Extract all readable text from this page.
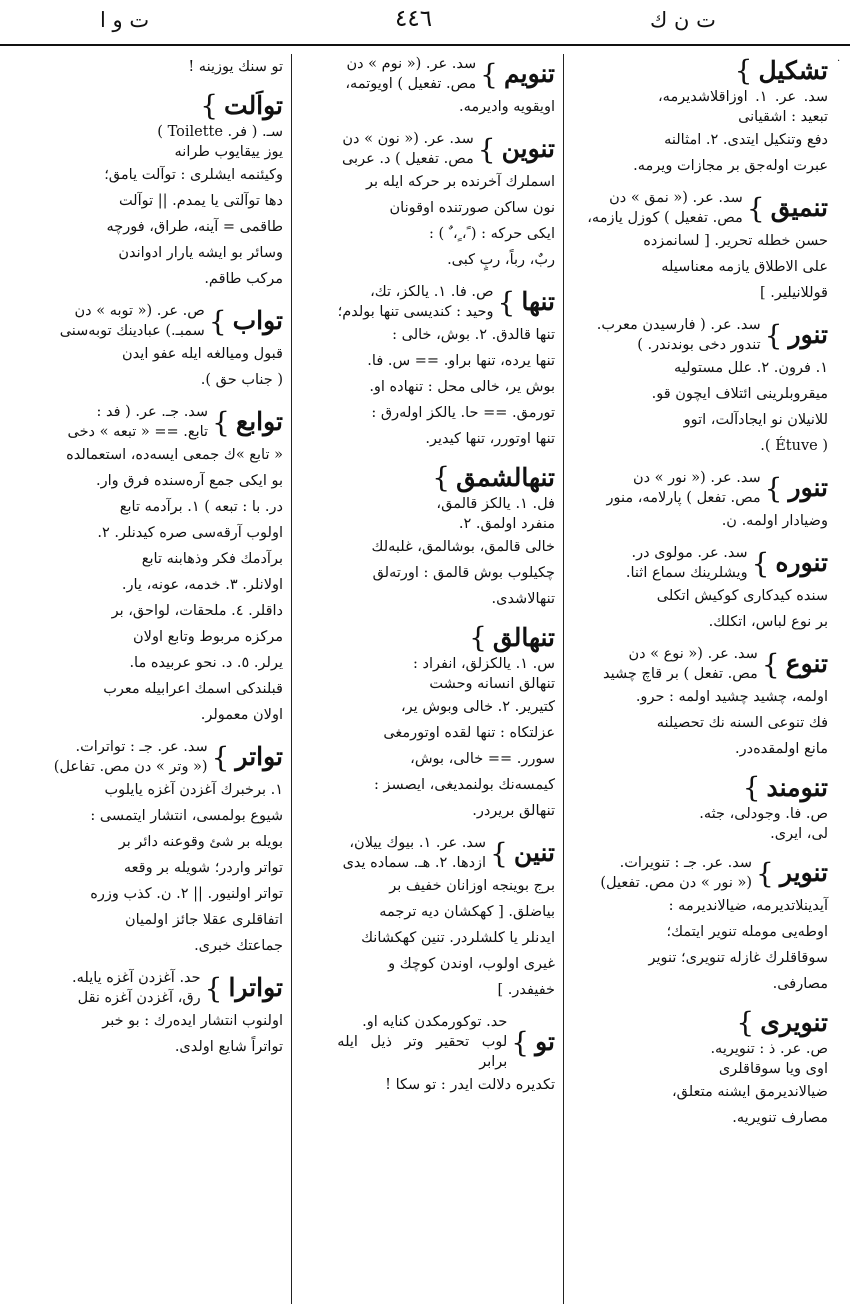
ت و ا	٤٤٦	ت ن ك
·
تشكيل}
سد. عر. ١. اوزاقلاشديرمه، تبعيد : اشقيانى
دفع وتنكيل ايتدى. ٢. امثالنه
عبرت اوله‌جق بر مجازات ويرمه.
تنميق}
سد. عر. (« نمق » دن
مص. تفعيل ) كوزل يازمه،
حسن خطله تحرير. [ لسانمزده
على الاطلاق يازمه معناسيله
قوللانيلير. ]
تنور}
سد. عر. ( فارسيدن معرب.
تندور دخى بوندندر. )
١. فرون. ٢. علل مستوليه
ميقروبلرينى ائتلاف ايچون قو.
للانيلان نو ايجادآلت، اتوو
( Étuve ).
تنور}
سد. عر. (« نور » دن
مص. تفعل ) پارلامه، منور
وضيادار اولمه. ن.
تنوره}
سد. عر. مولوى در.
ويشلرينك سماع اثنا.
سنده كيدكارى كوكيش اتكلى
بر نوع لباس، اتكلك.
تنوع}
سد. عر. (« نوع » دن
مص. تفعل ) بر قاچ چشيد
اولمه، چشيد چشيد اولمه : حرو.
فك تنوعى السنه نك تحصيلنه
مانع اولمقده‌در.
تنومند}
ص. فا. وجودلى، جثه.
لى، ايرى.
تنوير}
سد. عر. جـ : تنويرات.
(« نور » دن مص. تفعيل)
آيدينلاتديرمه، ضيالانديرمه :
اوطه‌يى مومله تنوير ايتمك؛
سوقاقلرك غازله تنويرى؛ تنوير
مصارفى.
تنويرى}
ص. عر. ذ : تنويريه.
اوى ويا سوقاقلرى
ضيالانديرمق ايشنه متعلق،
مصارف تنويريه.
تنويم}
سد. عر. (« نوم » دن
مص. تفعيل ) اويوتمه،
اويقويه واديرمه.
تنوين}
سد. عر. (« نون » دن
مص. تفعيل ) د. عربى
اسملرك آخرنده بر حركه ايله بر
نون ساكن صورتنده اوقونان
ايكى حركه : ( ً، ٍ، ٌ ) :
ربٌ، رباً، ربٍ كبى.
تنها}
ص. فا. ١. يالكز، تك،
وحيد : كنديسى تنها بولدم؛
تنها قالدق. ٢. بوش، خالى :
تنها يرده، تنها براو. == س. فا.
بوش ير، خالى محل : تنهاده او.
تورمق. == حا. يالكز اوله‌رق :
تنها اوتورر، تنها كيدير.
تنهالشمق}
فل. ١. يالكز قالمق،
منفرد اولمق. ٢.
خالى قالمق، بوشالمق، غلبه‌لك
چكيلوب بوش قالمق : اورته‌لق
تنهالاشدى.
تنهالق}
س. ١. يالكزلق، انفراد :
تنهالق انسانه وحشت
كتيرير. ٢. خالى وبوش ير،
عزلتكاه : تنها لقده اوتورمغى
سورر. == خالى، بوش،
كيمسه‌نك بولنمديغى، ايصسز :
تنهالق بريردر.
تنين}
سد. عر. ١. بيوك ييلان،
ازدها. ٢. هـ. سماده يدى
برج بوينجه اوزانان خفيف بر
بياضلق. [ كهكشان ديه ترجمه
ايدنلر يا كلشلردر. تنين كهكشانك
غيرى اولوب، اوندن كوچك و
خفيفدر. ]
تو}
حد. توكورمكدن كنايه او.
لوب تحقير وتر ذيل ايله برابر
تكديره دلالت ايدر : تو سكا !
تو سنك يوزينه !
تواَلت}
سـ. ( فر. Toilette )
يوز ييقايوب طرانه
وكيئنمه ايشلرى : توآلت يامق؛
دها توآلتى يا يمدم. || توآلت
طاقمى = آينه، طراق، فورچه
وسائر بو ايشه يارار ادواندن
مركب طاقم.
تواب}
ص. عر. (« توبه » دن
سمبـ.) عبادينك توبه‌سنى
قبول وميالغه ايله عفو ايدن
( جناب حق ).
توابع}
سد. جـ. عر. ( فد :
تابع. == « تبعه » دخى
« تابع »‌ك جمعى ايسه‌ده، استعمالده
بو ايكى جمع آره‌سنده فرق وار.
در. با : تبعه ) ١. برآدمه تابع
اولوب آرقه‌سى صره كيدنلر. ٢.
برآدمك فكر وذهابنه تابع
اولانلر. ٣. خدمه، عونه، يار.
داقلر. ٤. ملحقات، لواحق، بر
مركزه مربوط وتابع اولان
يرلر. ٥. د. نحو عربيده ما.
قبلندكى اسمك اعرابيله معرب
اولان معمولر.
تواتر}
سد. عر. جـ : تواترات.
(« وتر » دن مص. تفاعل)
١. برخبرك آغزدن آغزه يايلوب
شيوع بولمسى، انتشار ايتمسى :
بويله بر شئ وقوعنه دائر بر
تواتر واردر؛ شويله بر وقعه
تواتر اولنيور. || ٢. ن. كذب وزره
اتفاقلرى عقلا جائز اولميان
جماعتك خبرى.
تواترا}
حد. آغزدن آغزه يايله.
رق، آغزدن آغزه نقل
اولنوب انتشار ايده‌رك : بو خبر
تواتراً شايع اولدى.
